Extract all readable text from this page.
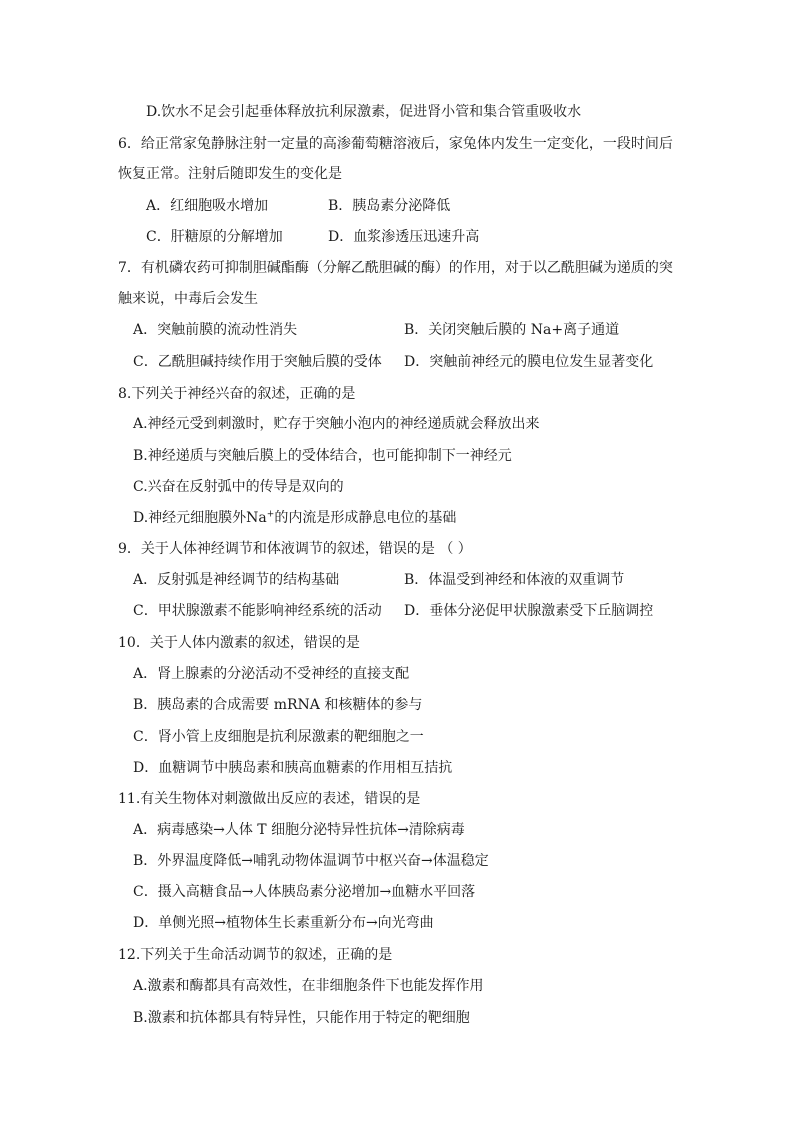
D.饮水不足会引起垂体释放抗利尿激素，促进肾小管和集合管重吸收水
6．给正常家兔静脉注射一定量的高渗葡萄糖溶液后，家兔体内发生一定变化，一段时间后
恢复正常。注射后随即发生的变化是
A．红细胞吸水增加	B．胰岛素分泌降低
C．肝糖原的分解增加	D．血浆渗透压迅速升高
7．有机磷农药可抑制胆碱酯酶（分解乙酰胆碱的酶）的作用，对于以乙酰胆碱为递质的突
触来说，中毒后会发生
A．突触前膜的流动性消失	B．关闭突触后膜的 Na+离子通道
C．乙酰胆碱持续作用于突触后膜的受体 D．突触前神经元的膜电位发生显著变化
8.下列关于神经兴奋的叙述，正确的是
A.神经元受到刺激时，贮存于突触小泡内的神经递质就会释放出来
B.神经递质与突触后膜上的受体结合，也可能抑制下一神经元
C.兴奋在反射弧中的传导是双向的
D.神经元细胞膜外Na+的内流是形成静息电位的基础
9．关于人体神经调节和体液调节的叙述，错误的是 （ ）
A．反射弧是神经调节的结构基础	B．体温受到神经和体液的双重调节
C．甲状腺激素不能影响神经系统的活动 D．垂体分泌促甲状腺激素受下丘脑调控
10．关于人体内激素的叙述，错误的是
A．肾上腺素的分泌活动不受神经的直接支配
B．胰岛素的合成需要 mRNA 和核糖体的参与
C．肾小管上皮细胞是抗利尿激素的靶细胞之一
D．血糖调节中胰岛素和胰高血糖素的作用相互拮抗
11.有关生物体对刺激做出反应的表述，错误的是
A．病毒感染→人体 T 细胞分泌特异性抗体→清除病毒
B．外界温度降低→哺乳动物体温调节中枢兴奋→体温稳定
C．摄入高糖食品→人体胰岛素分泌增加→血糖水平回落
D．单侧光照→植物体生长素重新分布→向光弯曲
12.下列关于生命活动调节的叙述，正确的是
A.激素和酶都具有高效性，在非细胞条件下也能发挥作用
B.激素和抗体都具有特异性，只能作用于特定的靶细胞
